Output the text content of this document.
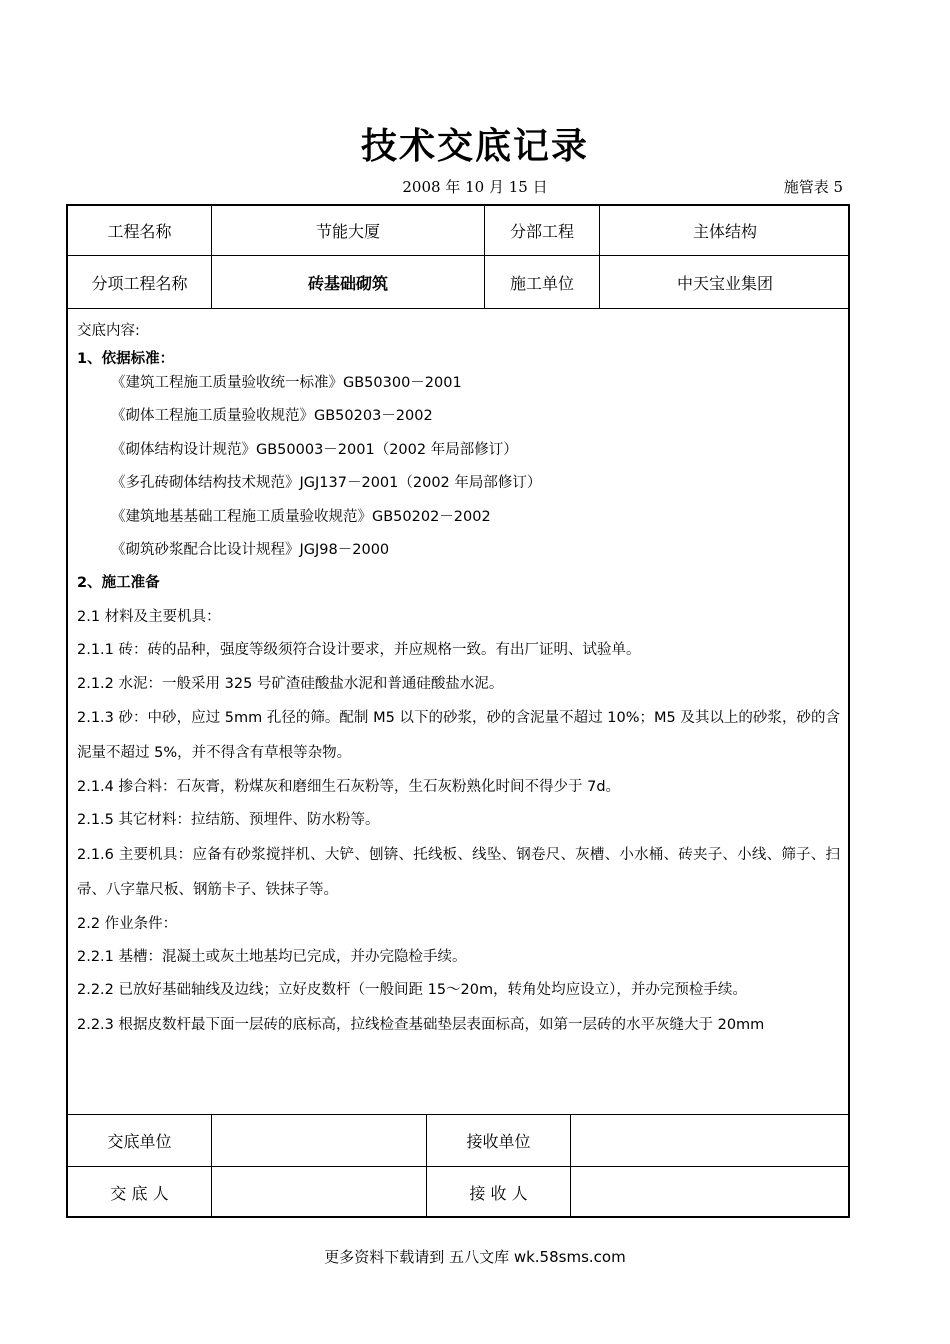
技术交底记录
2008 年 10 月 15 日	施管表 5
工程名称	节能大厦	分部工程	主体结构
分项工程名称	砖基础砌筑	施工单位	中天宝业集团
交底内容:
1、依据标准：
《建筑工程施工质量验收统一标准》GB50300－2001
《砌体工程施工质量验收规范》GB50203－2002
《砌体结构设计规范》GB50003－2001（2002 年局部修订）
《多孔砖砌体结构技术规范》JGJ137－2001（2002 年局部修订）
《建筑地基基础工程施工质量验收规范》GB50202－2002
《砌筑砂浆配合比设计规程》JGJ98－2000
2、施工准备
2.1 材料及主要机具：
2.1.1 砖：砖的品种，强度等级须符合设计要求，并应规格一致。有出厂证明、试验单。
2.1.2 水泥：一般采用 325 号矿渣硅酸盐水泥和普通硅酸盐水泥。
2.1.3 砂：中砂，应过 5mm 孔径的筛。配制 M5 以下的砂浆，砂的含泥量不超过 10%；M5 及其以上的砂浆，砂的含泥量不超过 5%，并不得含有草根等杂物。
2.1.4 掺合料：石灰膏，粉煤灰和磨细生石灰粉等，生石灰粉熟化时间不得少于 7d。
2.1.5 其它材料：拉结筋、预埋件、防水粉等。
2.1.6 主要机具：应备有砂浆搅拌机、大铲、刨锛、托线板、线坠、钢卷尺、灰槽、小水桶、砖夹子、小线、筛子、扫帚、八字靠尺板、钢筋卡子、铁抹子等。
2.2 作业条件：
2.2.1 基槽：混凝土或灰土地基均已完成，并办完隐检手续。
2.2.2 已放好基础轴线及边线；立好皮数杆（一般间距 15～20m，转角处均应设立），并办完预检手续。
2.2.3 根据皮数杆最下面一层砖的底标高，拉线检查基础垫层表面标高，如第一层砖的水平灰缝大于 20mm
交底单位	接收单位
交 底 人	接 收 人
更多资料下载请到 五八文库 wk.58sms.com
